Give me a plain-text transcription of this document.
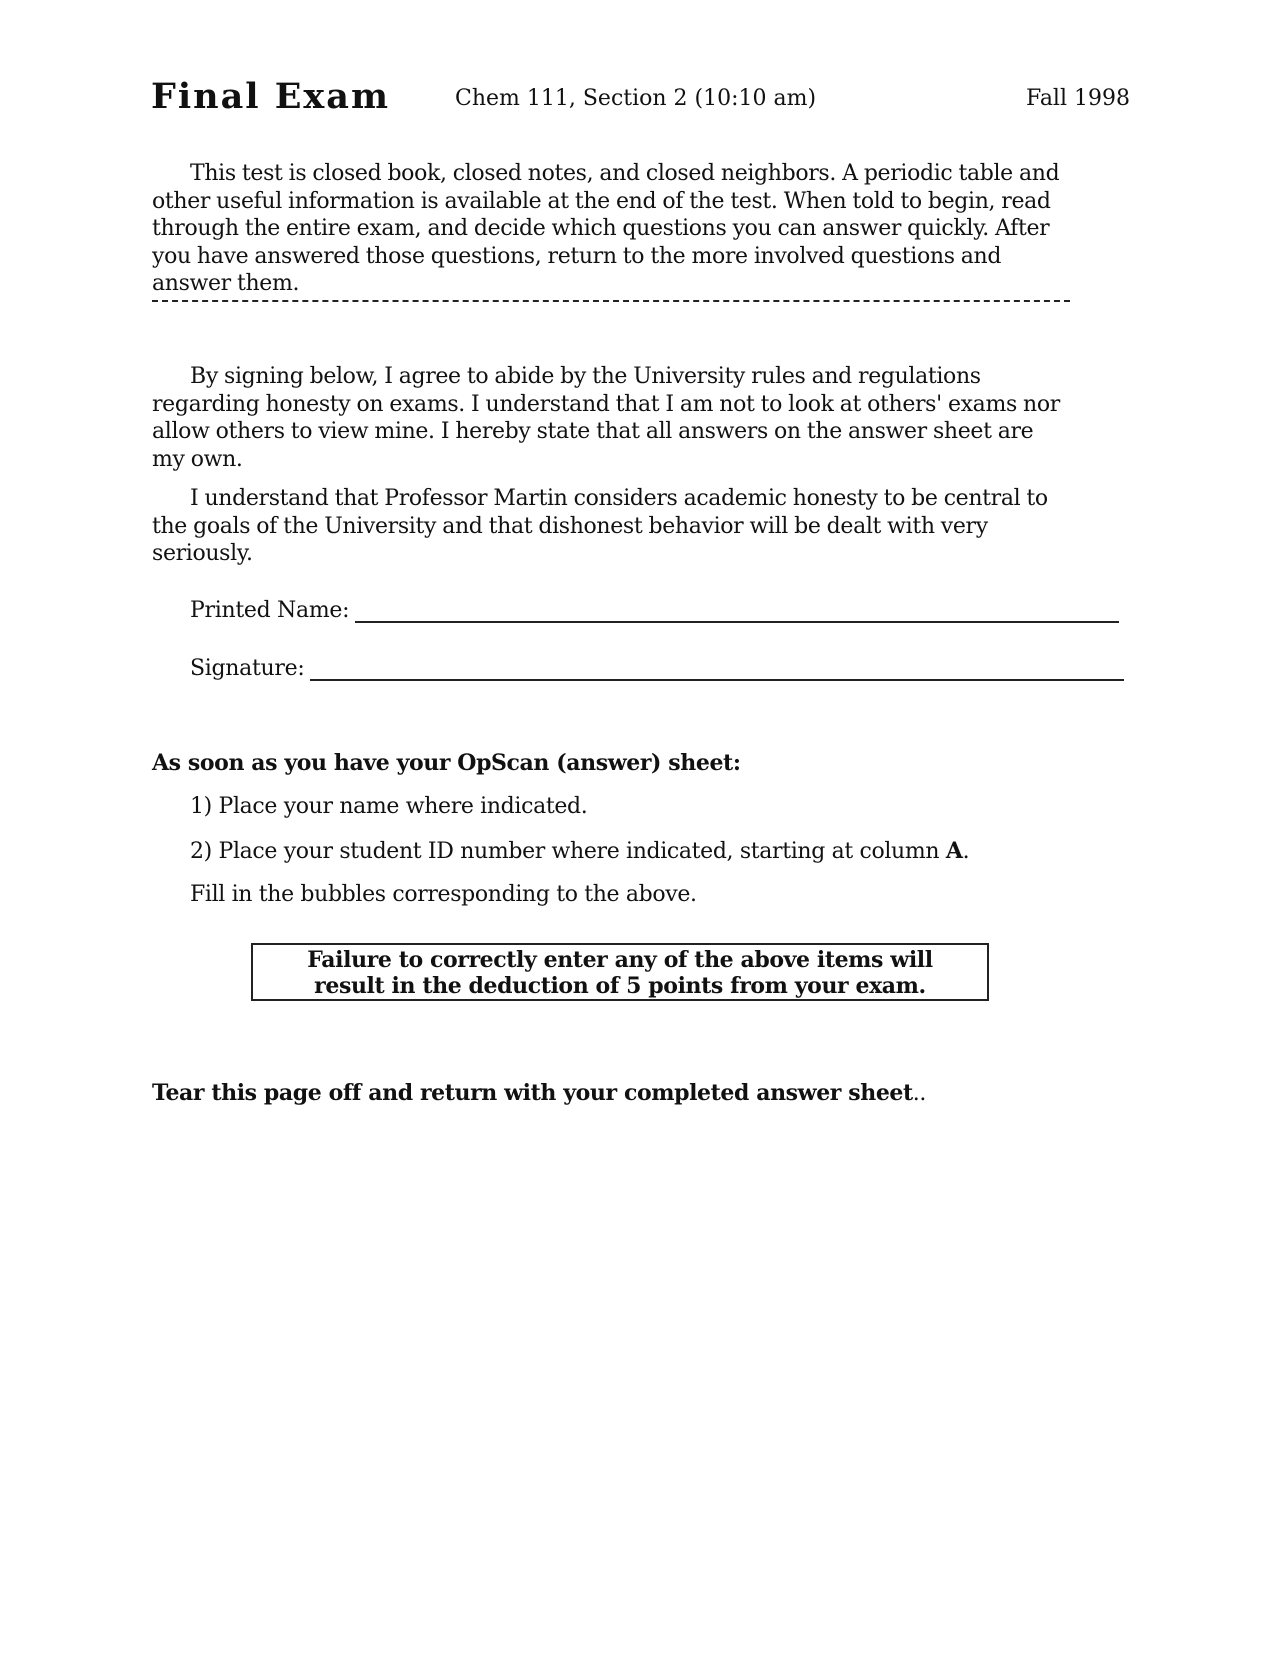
Final Exam	Chem 111, Section 2 (10:10 am)	Fall 1998
This test is closed book, closed notes, and closed neighbors. A periodic table and
other useful information is available at the end of the test. When told to begin, read
through the entire exam, and decide which questions you can answer quickly. After
you have answered those questions, return to the more involved questions and
answer them.
By signing below, I agree to abide by the University rules and regulations
regarding honesty on exams. I understand that I am not to look at others' exams nor
allow others to view mine. I hereby state that all answers on the answer sheet are
my own.
I understand that Professor Martin considers academic honesty to be central to
the goals of the University and that dishonest behavior will be dealt with very
seriously.
Printed Name:
Signature:
As soon as you have your OpScan (answer) sheet:
1) Place your name where indicated.
2) Place your student ID number where indicated, starting at column A.
Fill in the bubbles corresponding to the above.
Failure to correctly enter any of the above items will
result in the deduction of 5 points from your exam.
Tear this page off and return with your completed answer sheet..
